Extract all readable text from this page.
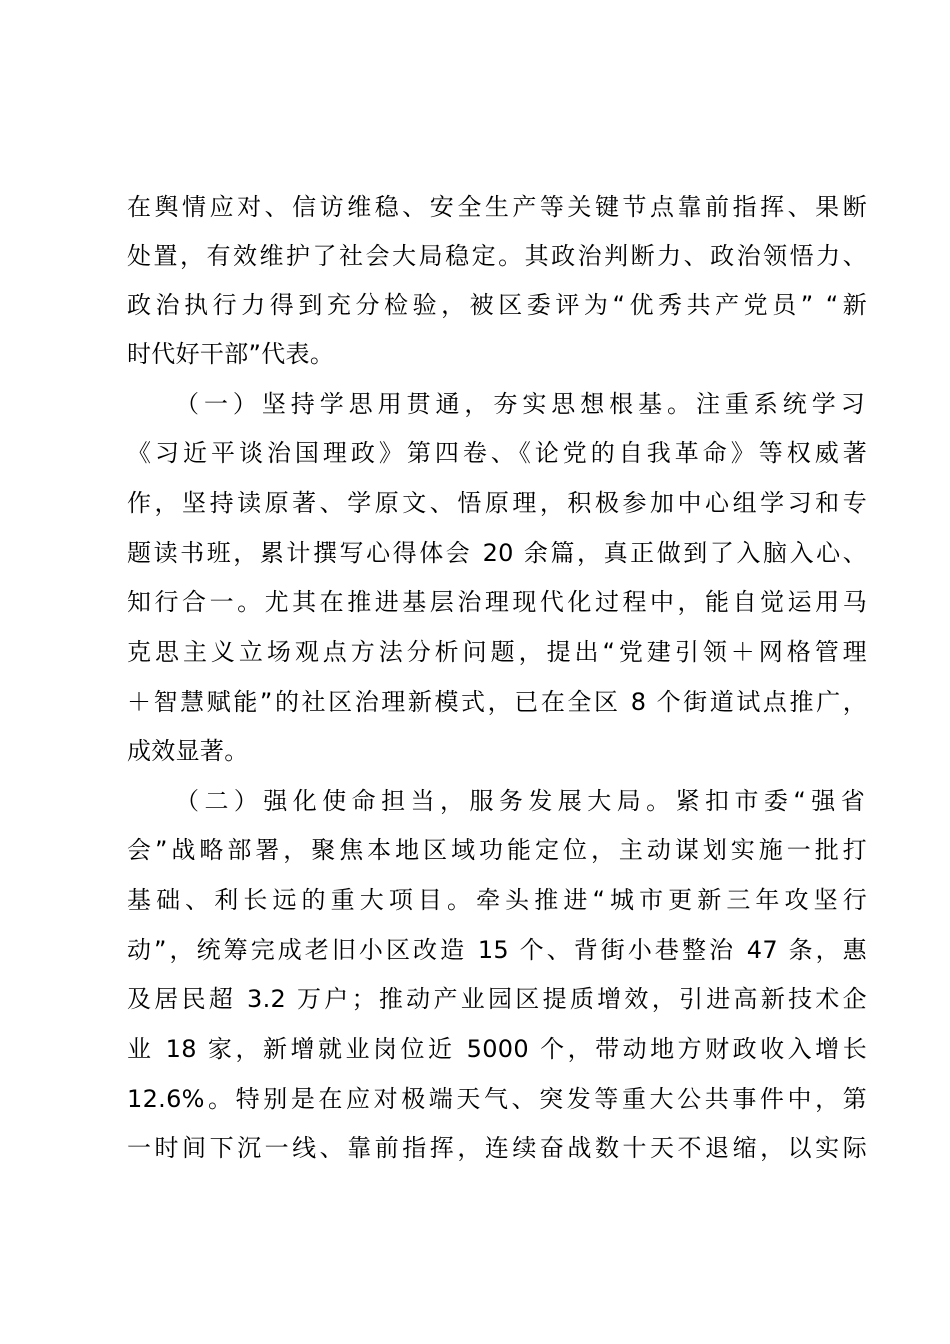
在舆情应对、信访维稳、安全生产等关键节点靠前指挥、果断
处置，有效维护了社会大局稳定。其政治判断力、政治领悟力、
政治执行力得到充分检验，被区委评为“优秀共产党员” “新
时代好干部”代表。
（一）坚持学思用贯通，夯实思想根基。注重系统学习
《习近平谈治国理政》第四卷、《论党的自我革命》等权威著
作，坚持读原著、学原文、悟原理，积极参加中心组学习和专
题读书班，累计撰写心得体会 20 余篇，真正做到了入脑入心、
知行合一。尤其在推进基层治理现代化过程中，能自觉运用马
克思主义立场观点方法分析问题，提出“党建引领＋网格管理
＋智慧赋能”的社区治理新模式，已在全区 8 个街道试点推广，
成效显著。
（二）强化使命担当，服务发展大局。紧扣市委“强省
会”战略部署，聚焦本地区域功能定位，主动谋划实施一批打
基础、利长远的重大项目。牵头推进“城市更新三年攻坚行
动”，统筹完成老旧小区改造 15 个、背街小巷整治 47 条，惠
及居民超 3.2 万户；推动产业园区提质增效，引进高新技术企
业 18 家，新增就业岗位近 5000 个，带动地方财政收入增长
12.6%。特别是在应对极端天气、突发等重大公共事件中，第
一时间下沉一线、靠前指挥，连续奋战数十天不退缩，以实际
